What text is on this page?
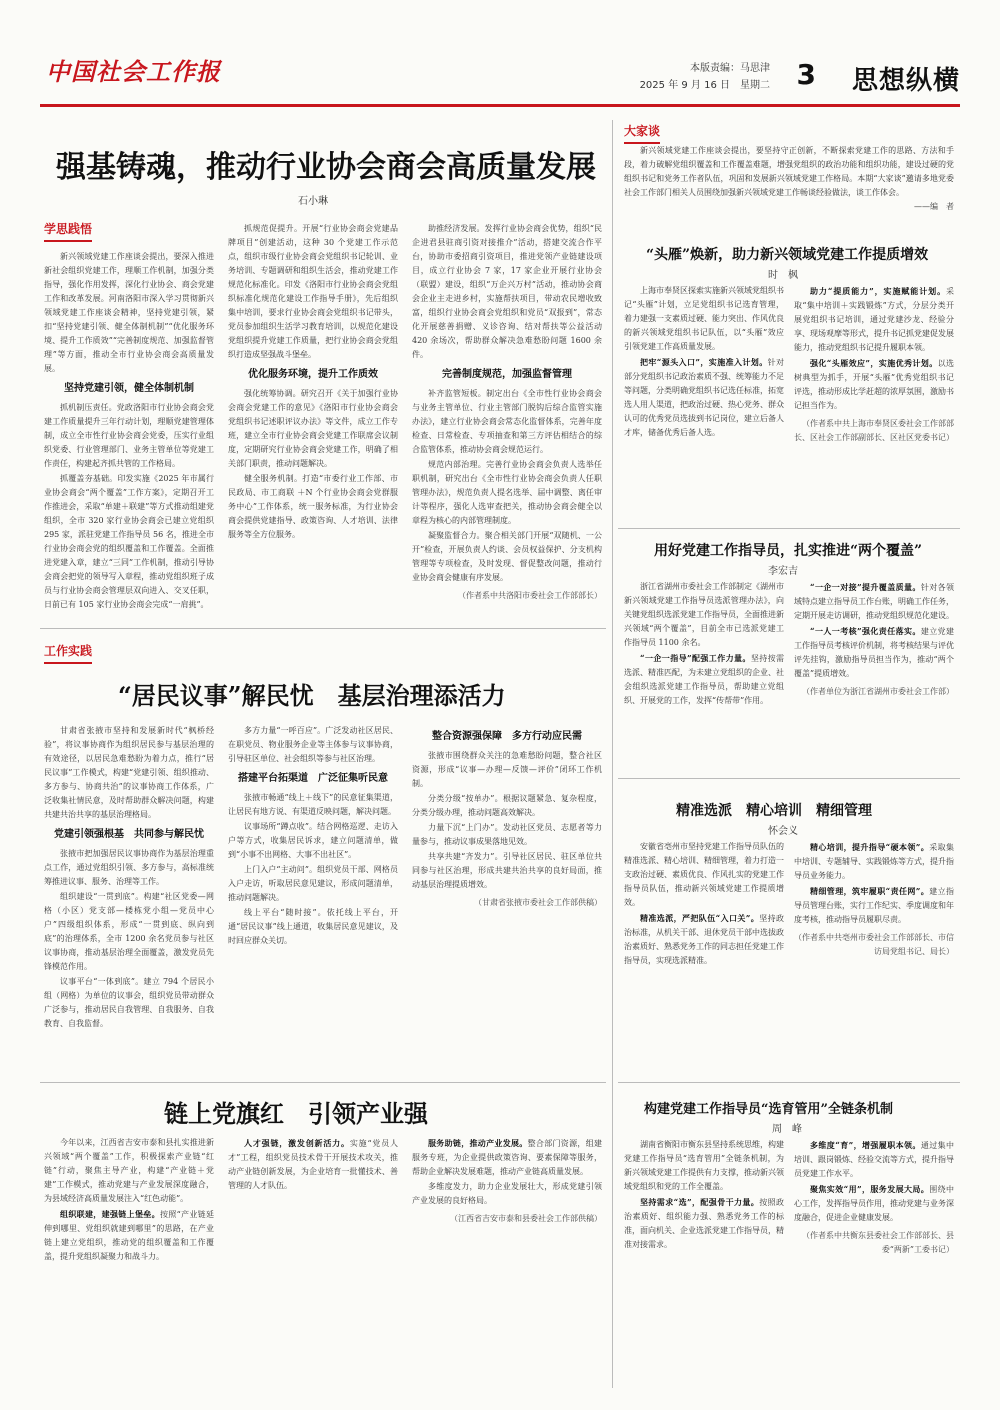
中国社会工作报	本版责编：马思津
2025 年 9 月 16 日　星期二 3 思想纵横
强基铸魂，推动行业协会商会高质量发展
石小琳
学思践悟

新兴领域党建工作座谈会提出，要深入推进新社会组织党建工作，理顺工作机制，加强分类指导，强化作用发挥，深化行业协会、商会党建工作和改革发展。河南洛阳市深入学习贯彻新兴领域党建工作座谈会精神，坚持党建引领，紧扣“坚持党建引领、健全体制机制”“优化服务环境、提升工作质效”“完善制度规范、加强监督管理”等方面，推动全市行业协会商会高质量发展。

坚持党建引领，健全体制机制

抓机制压责任。党政洛阳市行业协会商会党建工作质量提升三年行动计划，理顺党建管理体制，成立全市性行业协会商会党委，压实行业组织党委、行业管理部门、业务主管单位等党建工作责任，构建起齐抓共管的工作格局。

抓覆盖夯基础。印发实施《2025 年市属行业协会商会“两个覆盖”工作方案》，定期召开工作推进会，采取“单建＋联建”等方式推动组建党组织，全市 320 家行业协会商会已建立党组织 295 家，派驻党建工作指导员 56 名，推进全市行业协会商会党的组织覆盖和工作覆盖。全面推进党建入章，建立“三同”工作机制，推动引导协会商会把党的领导写入章程，推动党组织班子成员与行业协会商会管理层双向进入、交叉任职，日前已有 105 家行业协会商会完成“一肩挑”。

抓规范促提升。开展“行业协会商会党建品牌项目”创建活动，这种 30 个党建工作示范点，组织市级行业协会商会党组织书记轮训、业务培训、专题调研和组织生活会，推动党建工作规范化标准化。印发《洛阳市行业协会商会党组织标准化规范化建设工作指导手册》，先后组织集中培训，要求行业协会商会党组织书记带头，党员参加组织生活学习教育培训，以规范化建设党组织提升党建工作质量，把行业协会商会党组织打造成坚强战斗堡垒。

优化服务环境，提升工作质效

强化统筹协调。研究召开《关于加强行业协会商会党建工作的意见》《洛阳市行业协会商会党组织书记述职评议办法》等文件，成立工作专班，建立全市行业协会商会党建工作联席会议制度，定期研究行业协会商会党建工作，明确了相关部门职责，推动问题解决。

健全服务机制。打造“市委行业工作部、市民政局、市工商联 ＋N 个行业协会商会党群服务中心”工作体系，统一服务标准，为行业协会商会提供党建指导、政策咨询、人才培训、法律服务等全方位服务。

助推经济发展。发挥行业协会商会优势，组织“民企进君县驻商引资对接推介”活动，搭建交流合作平台，协助市委招商引资项目，推进党领产业链建设项目，成立行业协会 7 家，17 家企业开展行业协会（联盟）建设，组织“万企兴万村”活动，推动协会商会企业主走进乡村，实施帮扶项目，带动农民增收致富，组织行业协会商会党组织和党员“双报到”，常态化开展慈善捐赠、义诊咨询、结对帮扶等公益活动 420 余场次，帮助群众解决急难愁盼问题 1600 余件。

完善制度规范，加强监督管理

补齐监管短板。制定出台《全市性行业协会商会与业务主管单位、行业主管部门脱钩后综合监管实施办法》，建立行业协会商会常态化监督体系，完善年度检查、日常检查、专项抽查和第三方评估相结合的综合监管体系，推动协会商会规范运行。

规范内部治理。完善行业协会商会负责人选举任职机制，研究出台《全市性行业协会商会负责人任职管理办法》，规范负责人提名选举、届中调整、离任审计等程序，强化人选审查把关，推动协会商会健全以章程为核心的内部管理制度。

凝聚监督合力。聚合相关部门开展“双随机、一公开”检查，开展负责人约谈、会员权益保护、分支机构管理等专项检查，及时发现、督促整改问题，推动行业协会商会健康有序发展。

（作者系中共洛阳市委社会工作部部长）
工作实践
“居民议事”解民忧　基层治理添活力

甘肃省张掖市坚持和发展新时代“枫桥经验”，将议事协商作为组织居民参与基层治理的有效途径，以居民急难愁盼为着力点，推行“居民议事”工作模式，构建“党建引领、组织推动、多方参与、协商共治”的议事协商工作体系，广泛收集社情民意，及时帮助群众解决问题，构建共建共治共享的基层治理格局。

党建引领强根基　共同参与解民忧

张掖市把加强居民议事协商作为基层治理重点工作，通过党组织引领、多方参与，高标准统筹推进议事、服务、治理等工作。

组织建设“一贯到底”。构建“社区党委—网格（小区）党支部—楼栋党小组—党员中心户”四级组织体系，形成“一贯到底、纵向到底”的治理体系，全市 1200 余名党员参与社区议事协商，推动基层治理全面覆盖，激发党员先锋模范作用。

议事平台“一体到底”。建立 794 个居民小组（网格）为单位的议事会，组织党员带动群众广泛参与，推动居民自我管理、自我服务、自我教育、自我监督。

多方力量“一呼百应”。广泛发动社区居民、在职党员、物业服务企业等主体参与议事协商，引导驻区单位、社会组织等参与社区治理。

搭建平台拓渠道　广泛征集听民意

张掖市畅通“线上＋线下”的民意征集渠道，让居民有地方说、有渠道反映问题，解决问题。

议事场所“蹲点收”。结合网格巡逻、走访入户等方式，收集居民诉求，建立问题清单，做到“小事不出网格、大事不出社区”。

上门入户“主动问”。组织党员干部、网格员入户走访，听取居民意见建议，形成问题清单，推动问题解决。

线上平台“随时接”。依托线上平台，开通“居民议事”线上通道，收集居民意见建议，及时回应群众关切。

整合资源强保障　多方行动应民需

张掖市围绕群众关注的急难愁盼问题，整合社区资源，形成“议事—办理—反馈—评价”闭环工作机制。

分类分级“按单办”。根据议题紧急、复杂程度，分类分级办理，推动问题高效解决。

力量下沉“上门办”。发动社区党员、志愿者等力量参与，推动议事成果落地见效。

共享共建“齐发力”。引导社区居民、驻区单位共同参与社区治理，形成共建共治共享的良好局面，推动基层治理提质增效。

（甘肃省张掖市委社会工作部供稿）
链上党旗红　引领产业强

今年以来，江西省吉安市泰和县扎实推进新兴领域“两个覆盖”工作，积极探索产业链“红链”行动，聚焦主导产业，构建“产业链＋党建”工作模式，推动党建与产业发展深度融合，为县域经济高质量发展注入“红色动能”。

组织联建，建强链上堡垒。按照“产业链延伸到哪里、党组织就建到哪里”的思路，在产业链上建立党组织，推动党的组织覆盖和工作覆盖，提升党组织凝聚力和战斗力。

人才强链，激发创新活力。实施“党员人才”工程，组织党员技术骨干开展技术攻关，推动产业链创新发展，为企业培育一批懂技术、善管理的人才队伍。

服务助链，推动产业发展。整合部门资源，组建服务专班，为企业提供政策咨询、要素保障等服务，帮助企业解决发展难题，推动产业链高质量发展。

多维度发力，助力企业发展壮大，形成党建引领产业发展的良好格局。

（江西省吉安市泰和县委社会工作部供稿）
大家谈

新兴领域党建工作座谈会提出，要坚持守正创新，不断探索党建工作的思路、方法和手段，着力破解党组织覆盖和工作覆盖难题，增强党组织的政治功能和组织功能，建设过硬的党组织书记和党务工作者队伍，巩固和发展新兴领域党建工作格局。本期“大家谈”邀请多地党委社会工作部门相关人员围绕加强新兴领域党建工作畅谈经验做法，谈工作体会。

——编　者
“头雁”焕新，助力新兴领域党建工作提质增效
时　枫

上海市奉贤区探索实施新兴领域党组织书记“头雁”计划，立足党组织书记选育管理，着力建强一支素质过硬、能力突出、作风优良的新兴领域党组织书记队伍，以“头雁”效应引领党建工作高质量发展。

把牢“源头入口”，实施准入计划。针对部分党组织书记政治素质不强、统筹能力不足等问题，分类明确党组织书记选任标准，拓宽选人用人渠道，把政治过硬、热心党务、群众认可的优秀党员选拔到书记岗位，建立后备人才库，储备优秀后备人选。

助力“提质能力”，实施赋能计划。采取“集中培训＋实践锻炼”方式，分层分类开展党组织书记培训，通过党建沙龙、经验分享、现场观摩等形式，提升书记抓党建促发展能力，推动党组织书记提升履职本领。

强化“头雁效应”，实施优秀计划。以选树典型为抓手，开展“头雁”优秀党组织书记评选，推动形成比学赶超的浓厚氛围，激励书记担当作为。

（作者系中共上海市奉贤区委社会工作部部长、区社会工作部副部长、区社区党委书记）
用好党建工作指导员，扎实推进“两个覆盖”
李宏吉

浙江省湖州市委社会工作部制定《湖州市新兴领域党建工作指导员选派管理办法》，向关键党组织选派党建工作指导员，全面推进新兴领域“两个覆盖”，目前全市已选派党建工作指导员 1100 余名。

“一企一指导”配强工作力量。坚持按需选派、精准匹配，为未建立党组织的企业、社会组织选派党建工作指导员，帮助建立党组织、开展党的工作，发挥“传帮带”作用。

“一企一对接”提升覆盖质量。针对各领域特点建立指导员工作台账，明确工作任务，定期开展走访调研，推动党组织规范化建设。

“一人一考核”强化责任落实。建立党建工作指导员考核评价机制，将考核结果与评优评先挂钩，激励指导员担当作为，推动“两个覆盖”提质增效。

（作者单位为浙江省湖州市委社会工作部）
精准选派　精心培训　精细管理
怀会义

安徽省亳州市坚持党建工作指导员队伍的精准选派、精心培训、精细管理，着力打造一支政治过硬、素质优良、作风扎实的党建工作指导员队伍，推动新兴领域党建工作提质增效。

精准选派，严把队伍“入口关”。坚持政治标准，从机关干部、退休党员干部中选拔政治素质好、熟悉党务工作的同志担任党建工作指导员，实现选派精准。

精心培训，提升指导“硬本领”。采取集中培训、专题辅导、实践锻炼等方式，提升指导员业务能力。

精细管理，筑牢履职“责任网”。建立指导员管理台账，实行工作纪实、季度调度和年度考核，推动指导员履职尽责。

（作者系中共亳州市委社会工作部部长、市信访局党组书记、局长）
构建党建工作指导员“选育管用”全链条机制
周　峰

湖南省衡阳市衡东县坚持系统思维，构建党建工作指导员“选育管用”全链条机制，为新兴领域党建工作提供有力支撑，推动新兴领域党组织和党的工作全覆盖。

坚持需求“选”，配强骨干力量。按照政治素质好、组织能力强、熟悉党务工作的标准，面向机关、企业选派党建工作指导员，精准对接需求。

多维度“育”，增强履职本领。通过集中培训、跟岗锻炼、经验交流等方式，提升指导员党建工作水平。

聚焦实效“用”，服务发展大局。围绕中心工作，发挥指导员作用，推动党建与业务深度融合，促进企业健康发展。

（作者系中共衡东县委社会工作部部长、县委“两新”工委书记）
